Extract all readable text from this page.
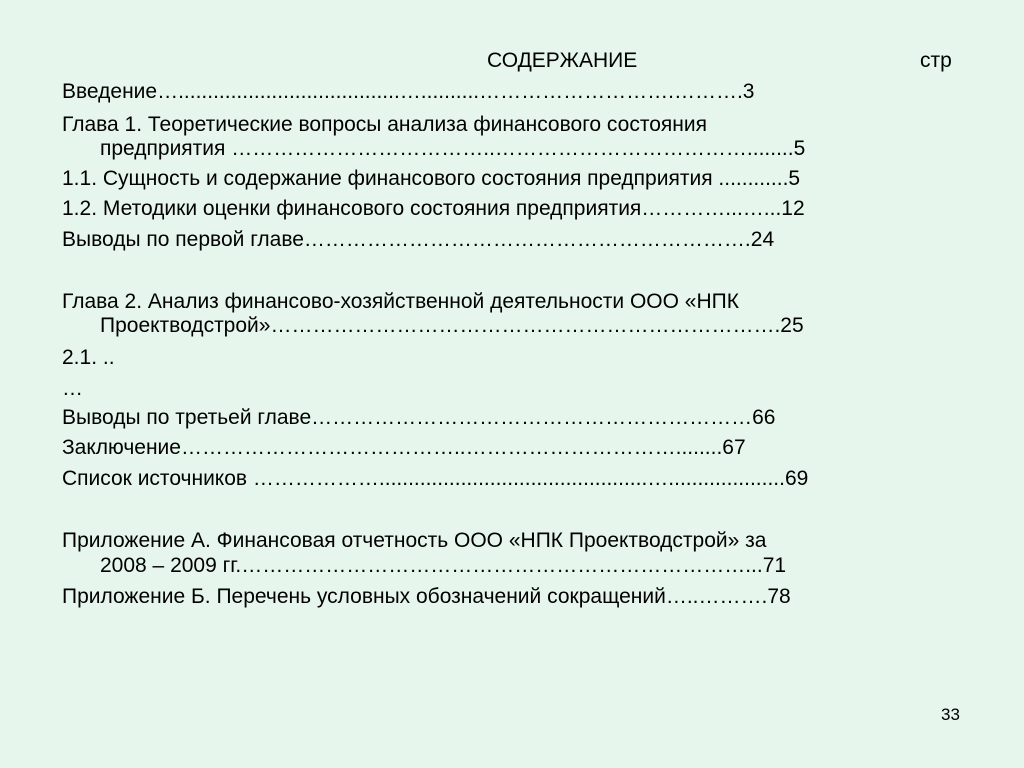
СОДЕРЖАНИЕ	стр
Введение…......................................…..........……………………….……….3
Глава 1. Теоретические вопросы анализа финансового состояния
предприятия ………………………………..………………………………........5
1.1. Сущность и содержание финансового состояния предприятия ............5
1.2. Методики оценки финансового состояния предприятия…………...…...12
Выводы по первой главе……………………………………………………….24
Глава 2. Анализ финансово-хозяйственной деятельности ООО «НПК
Проектводстрой»……………………………………………………………….25
2.1. ..
…
Выводы по третьей главе………………………………………………………66
Заключение…………………………………..…………………………........67
Список источников ………………..............................................…....................69
Приложение А. Финансовая отчетность ООО «НПК Проектводстрой» за
2008 – 2009 гг.………………………………………………………………...71
Приложение Б. Перечень условных обозначений сокращений…..……….78
33
